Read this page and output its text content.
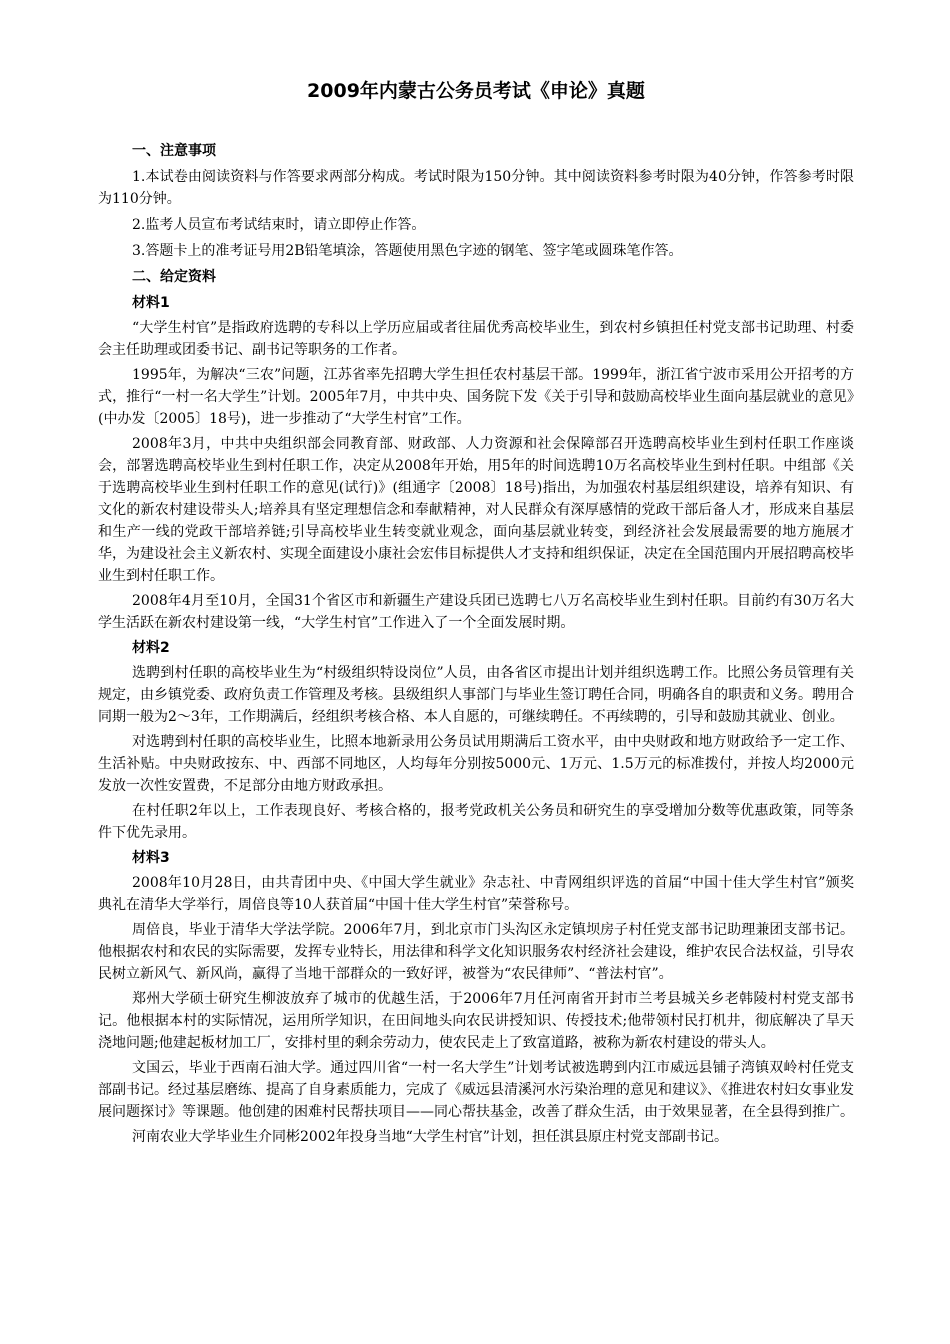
2009年内蒙古公务员考试《申论》真题
一、注意事项

1.本试卷由阅读资料与作答要求两部分构成。考试时限为150分钟。其中阅读资料参考时限为40分钟，作答参考时限为110分钟。

2.监考人员宣布考试结束时，请立即停止作答。

3.答题卡上的准考证号用2B铅笔填涂，答题使用黑色字迹的钢笔、签字笔或圆珠笔作答。

二、给定资料
材料1

“大学生村官”是指政府选聘的专科以上学历应届或者往届优秀高校毕业生，到农村乡镇担任村党支部书记助理、村委会主任助理或团委书记、副书记等职务的工作者。

1995年，为解决“三农”问题，江苏省率先招聘大学生担任农村基层干部。1999年，浙江省宁波市采用公开招考的方式，推行“一村一名大学生”计划。2005年7月，中共中央、国务院下发《关于引导和鼓励高校毕业生面向基层就业的意见》(中办发〔2005〕18号)，进一步推动了“大学生村官”工作。

2008年3月，中共中央组织部会同教育部、财政部、人力资源和社会保障部召开选聘高校毕业生到村任职工作座谈会，部署选聘高校毕业生到村任职工作，决定从2008年开始，用5年的时间选聘10万名高校毕业生到村任职。中组部《关于选聘高校毕业生到村任职工作的意见(试行)》(组通字〔2008〕18号)指出，为加强农村基层组织建设，培养有知识、有文化的新农村建设带头人;培养具有坚定理想信念和奉献精神，对人民群众有深厚感情的党政干部后备人才，形成来自基层和生产一线的党政干部培养链;引导高校毕业生转变就业观念，面向基层就业转变，到经济社会发展最需要的地方施展才华，为建设社会主义新农村、实现全面建设小康社会宏伟目标提供人才支持和组织保证，决定在全国范围内开展招聘高校毕业生到村任职工作。

2008年4月至10月，全国31个省区市和新疆生产建设兵团已选聘七八万名高校毕业生到村任职。目前约有30万名大学生活跃在新农村建设第一线，“大学生村官”工作进入了一个全面发展时期。

材料2

选聘到村任职的高校毕业生为“村级组织特设岗位”人员，由各省区市提出计划并组织选聘工作。比照公务员管理有关规定，由乡镇党委、政府负责工作管理及考核。县级组织人事部门与毕业生签订聘任合同，明确各自的职责和义务。聘用合同期一般为2～3年，工作期满后，经组织考核合格、本人自愿的，可继续聘任。不再续聘的，引导和鼓励其就业、创业。

对选聘到村任职的高校毕业生，比照本地新录用公务员试用期满后工资水平，由中央财政和地方财政给予一定工作、生活补贴。中央财政按东、中、西部不同地区，人均每年分别按5000元、1万元、1.5万元的标准拨付，并按人均2000元发放一次性安置费，不足部分由地方财政承担。

在村任职2年以上，工作表现良好、考核合格的，报考党政机关公务员和研究生的享受增加分数等优惠政策，同等条件下优先录用。

材料3

2008年10月28日，由共青团中央、《中国大学生就业》杂志社、中青网组织评选的首届“中国十佳大学生村官”颁奖典礼在清华大学举行，周倍良等10人获首届“中国十佳大学生村官”荣誉称号。

周倍良，毕业于清华大学法学院。2006年7月，到北京市门头沟区永定镇坝房子村任党支部书记助理兼团支部书记。他根据农村和农民的实际需要，发挥专业特长，用法律和科学文化知识服务农村经济社会建设，维护农民合法权益，引导农民树立新风气、新风尚，赢得了当地干部群众的一致好评，被誉为“农民律师”、“普法村官”。

郑州大学硕士研究生柳波放弃了城市的优越生活，于2006年7月任河南省开封市兰考县城关乡老韩陵村村党支部书记。他根据本村的实际情况，运用所学知识，在田间地头向农民讲授知识、传授技术;他带领村民打机井，彻底解决了旱天浇地问题;他建起板材加工厂，安排村里的剩余劳动力，使农民走上了致富道路，被称为新农村建设的带头人。

文国云，毕业于西南石油大学。通过四川省“一村一名大学生”计划考试被选聘到内江市威远县铺子湾镇双岭村任党支部副书记。经过基层磨练、提高了自身素质能力，完成了《威远县清溪河水污染治理的意见和建议》、《推进农村妇女事业发展问题探讨》等课题。他创建的困难村民帮扶项目——同心帮扶基金，改善了群众生活，由于效果显著，在全县得到推广。

河南农业大学毕业生介同彬2002年投身当地“大学生村官”计划，担任淇县原庄村党支部副书记。
